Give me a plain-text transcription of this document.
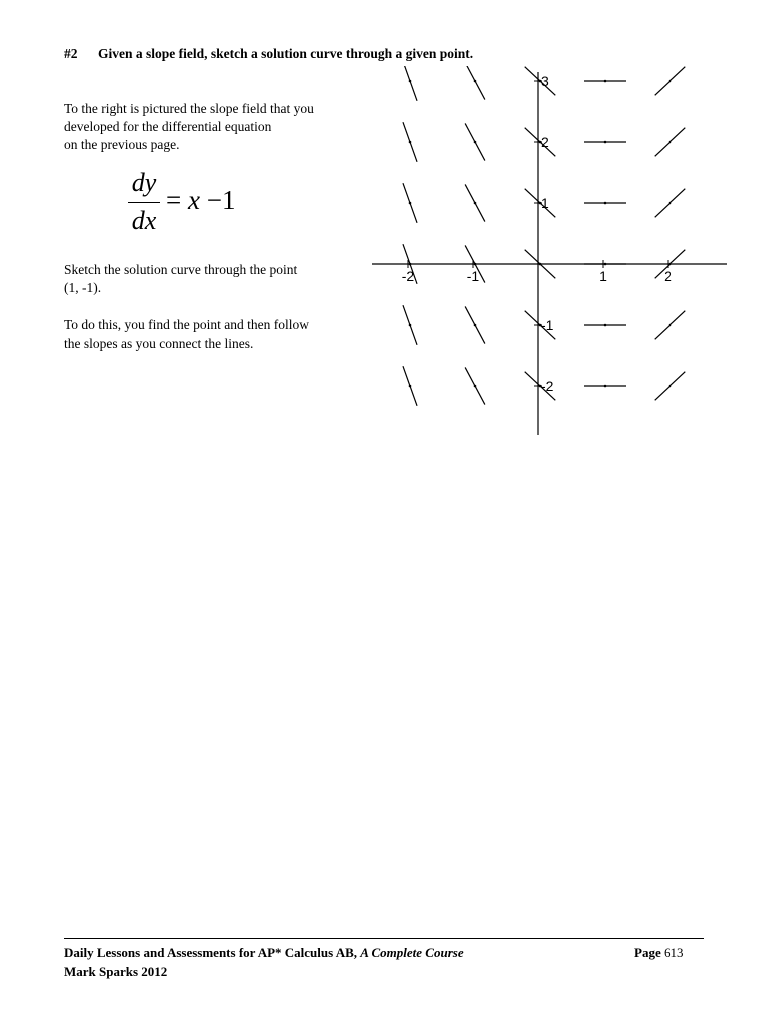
#2 Given a slope field, sketch a solution curve through a given point.
To the right is pictured the slope field that you
developed for the differential equation
on the previous page.
dy
dx
= x −1
Sketch the solution curve through the point
(1, -1).
To do this, you find the point and then follow
the slopes as you connect the lines.
-2	-1	1	2
3
2
1
-1
-2
Daily Lessons and Assessments for AP* Calculus AB, A Complete Course
Mark Sparks 2012
Page 613
